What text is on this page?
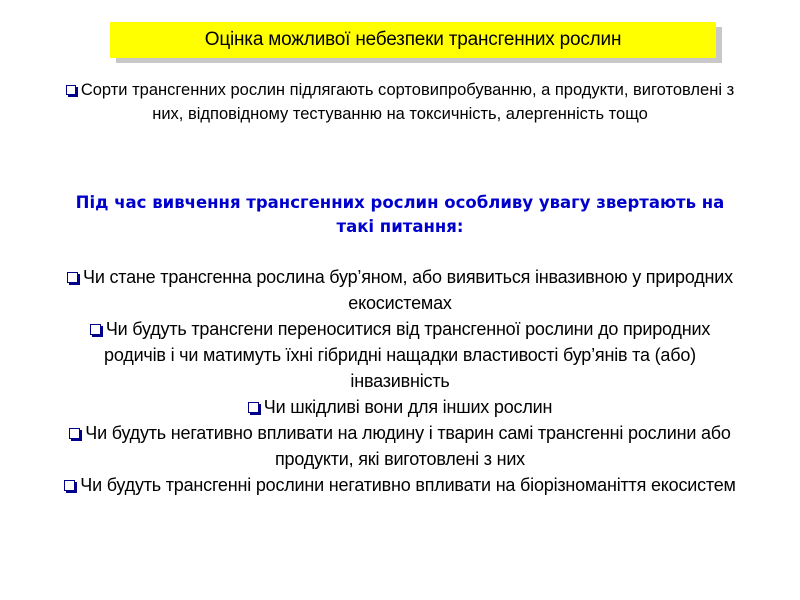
Оцінка можливої небезпеки трансгенних рослин
Сорти трансгенних рослин підлягають сортовипробуванню, а продукти, виготовлені з них, відповідному тестуванню на токсичність, алергенність тощо
Під час вивчення трансгенних рослин особливу увагу звертають на такі питання:
Чи стане трансгенна рослина бур’яном, або виявиться інвазивною у природних екосистемах
Чи будуть трансгени переноситися від трансгенної рослини до природних родичів і чи матимуть їхні гібридні нащадки властивості бур’янів та (або) інвазивність
Чи шкідливі вони для інших рослин
Чи будуть негативно впливати на людину і тварин самі трансгенні рослини або продукти, які виготовлені з них
Чи будуть трансгенні рослини негативно впливати на біорізноманіття екосистем
